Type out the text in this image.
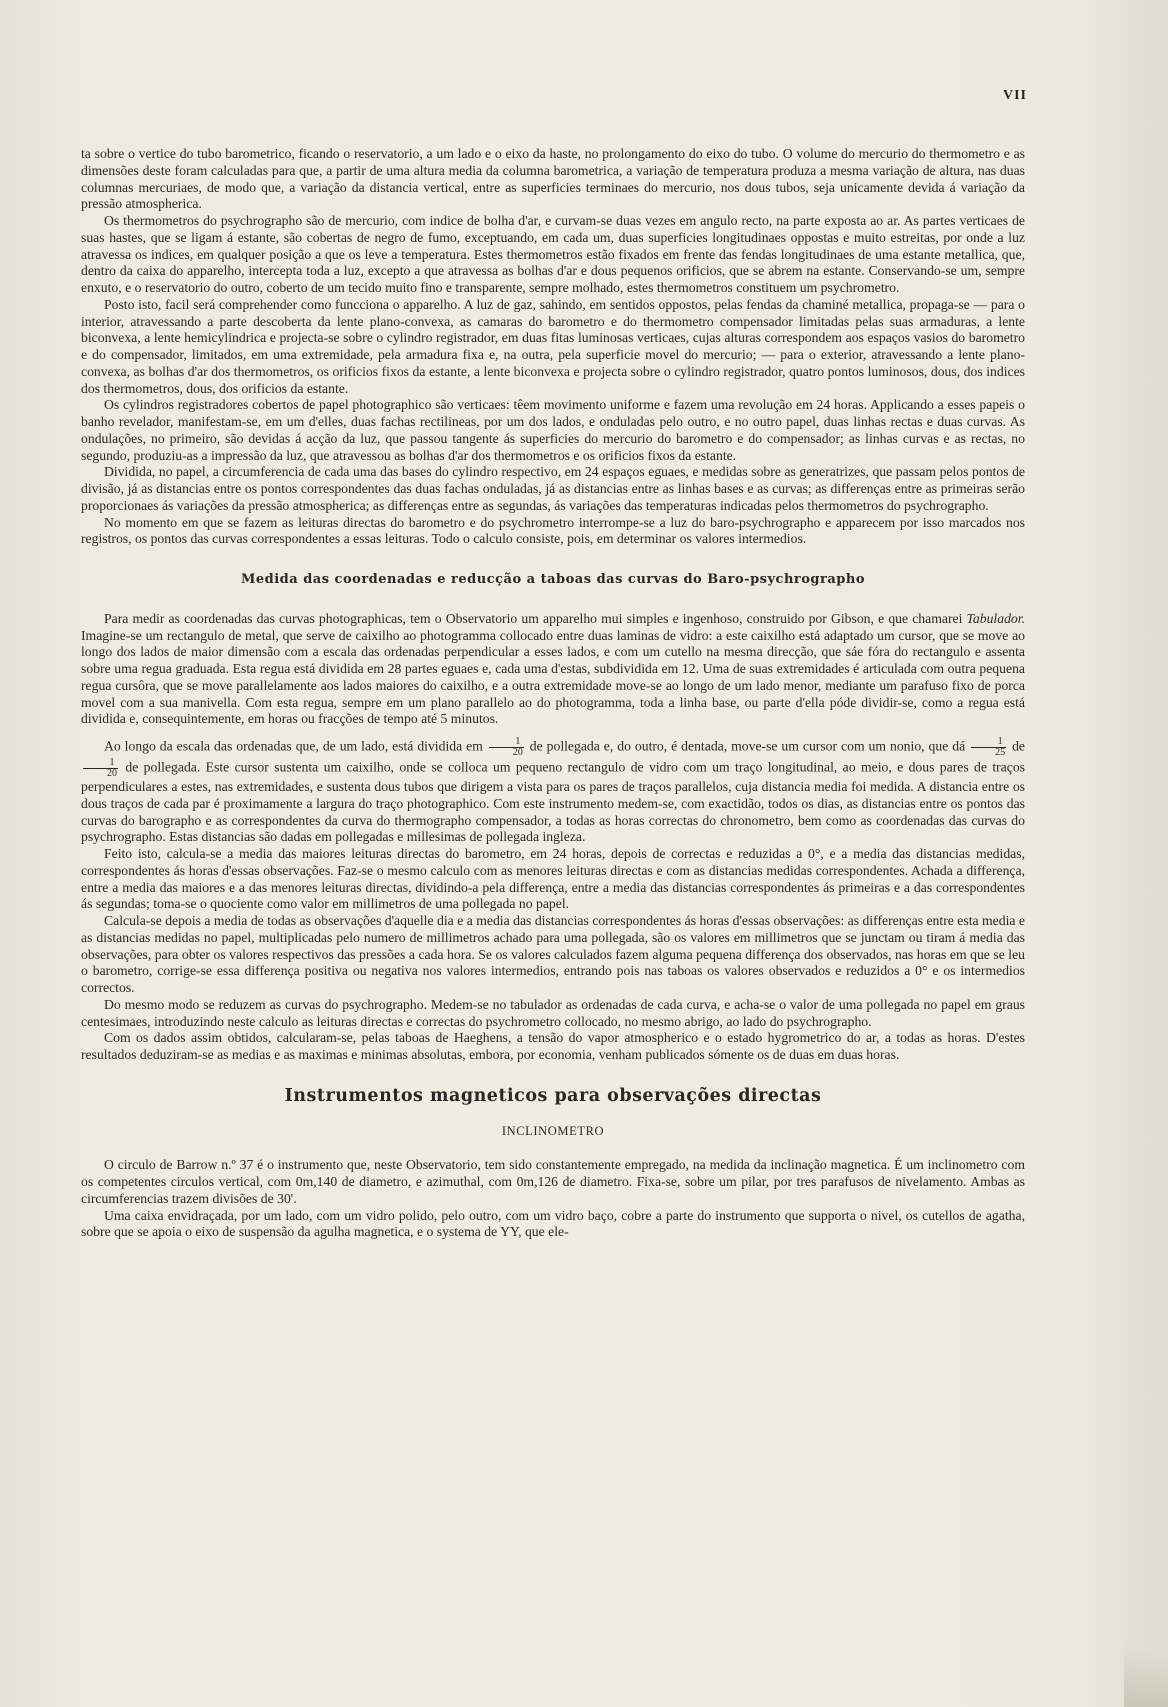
VII

ta sobre o vertice do tubo barometrico, ficando o reservatorio, a um lado e o eixo da haste, no prolongamento do eixo do tubo. O volume do mercurio do thermometro e as dimensões deste foram calculadas para que, a partir de uma altura media da columna barometrica, a variação de temperatura produza a mesma variação de altura, nas duas columnas mercuriaes, de modo que, a variação da distancia vertical, entre as superficies terminaes do mercurio, nos dous tubos, seja unicamente devida á variação da pressão atmospherica.

Os thermometros do psychrographo são de mercurio, com indice de bolha d'ar, e curvam-se duas vezes em angulo recto, na parte exposta ao ar. As partes verticaes de suas hastes, que se ligam á estante, são cobertas de negro de fumo, exceptuando, em cada um, duas superficies longitudinaes oppostas e muito estreitas, por onde a luz atravessa os indices, em qualquer posição a que os leve a temperatura. Estes thermometros estão fixados em frente das fendas longitudinaes de uma estante metallica, que, dentro da caixa do apparelho, intercepta toda a luz, excepto a que atravessa as bolhas d'ar e dous pequenos orificios, que se abrem na estante. Conservando-se um, sempre enxuto, e o reservatorio do outro, coberto de um tecido muito fino e transparente, sempre molhado, estes thermometros constituem um psychrometro.

Posto isto, facil será comprehender como funcciona o apparelho. A luz de gaz, sahindo, em sentidos oppostos, pelas fendas da chaminé metallica, propaga-se — para o interior, atravessando a parte descoberta da lente plano-convexa, as camaras do barometro e do thermometro compensador limitadas pelas suas armaduras, a lente biconvexa, a lente hemicylindrica e projecta-se sobre o cylindro registrador, em duas fitas luminosas verticaes, cujas alturas correspondem aos espaços vasios do barometro e do compensador, limitados, em uma extremidade, pela armadura fixa e, na outra, pela superficie movel do mercurio; — para o exterior, atravessando a lente plano-convexa, as bolhas d'ar dos thermometros, os orificios fixos da estante, a lente biconvexa e projecta sobre o cylindro registrador, quatro pontos luminosos, dous, dos indices dos thermometros, dous, dos orificios da estante.

Os cylindros registradores cobertos de papel photographico são verticaes: têem movimento uniforme e fazem uma revolução em 24 horas. Applicando a esses papeis o banho revelador, manifestam-se, em um d'elles, duas fachas rectilineas, por um dos lados, e onduladas pelo outro, e no outro papel, duas linhas rectas e duas curvas. As ondulações, no primeiro, são devidas á acção da luz, que passou tangente ás superficies do mercurio do barometro e do compensador; as linhas curvas e as rectas, no segundo, produziu-as a impressão da luz, que atravessou as bolhas d'ar dos thermometros e os orificios fixos da estante.

Dividida, no papel, a circumferencia de cada uma das bases do cylindro respectivo, em 24 espaços eguaes, e medidas sobre as generatrizes, que passam pelos pontos de divisão, já as distancias entre os pontos correspondentes das duas fachas onduladas, já as distancias entre as linhas bases e as curvas; as differenças entre as primeiras serão proporcionaes ás variações da pressão atmospherica; as differenças entre as segundas, ás variações das temperaturas indicadas pelos thermometros do psychrographo.

No momento em que se fazem as leituras directas do barometro e do psychrometro interrompe-se a luz do baro-psychrographo e apparecem por isso marcados nos registros, os pontos das curvas correspondentes a essas leituras. Todo o calculo consiste, pois, em determinar os valores intermedios.

Medida das coordenadas e reducção a taboas das curvas do Baro-psychrographo

Para medir as coordenadas das curvas photographicas, tem o Observatorio um apparelho mui simples e ingenhoso, construido por Gibson, e que chamarei Tabulador. Imagine-se um rectangulo de metal, que serve de caixilho ao photogramma collocado entre duas laminas de vidro: a este caixilho está adaptado um cursor, que se move ao longo dos lados de maior dimensão com a escala das ordenadas perpendicular a esses lados, e com um cutello na mesma direcção, que sáe fóra do rectangulo e assenta sobre uma regua graduada. Esta regua está dividida em 28 partes eguaes e, cada uma d'estas, subdividida em 12. Uma de suas extremidades é articulada com outra pequena regua cursôra, que se move parallelamente aos lados maiores do caixilho, e a outra extremidade move-se ao longo de um lado menor, mediante um parafuso fixo de porca movel com a sua manivella. Com esta regua, sempre em um plano parallelo ao do photogramma, toda a linha base, ou parte d'ella póde dividir-se, como a regua está dividida e, consequintemente, em horas ou fracções de tempo até 5 minutos.

Ao longo da escala das ordenadas que, de um lado, está dividida em $\frac{1}{20}$ de pollegada e, do outro, é dentada, move-se um cursor com um nonio, que dá $\frac{1}{25}$ de
$\frac{1}{20}$ de pollegada. Este cursor sustenta um caixilho, onde se colloca um pequeno rectangulo de vidro com um traço longitudinal, ao meio, e dous pares de traços perpendiculares a estes, nas extremidades, e sustenta dous tubos que dirigem a vista para os pares de traços parallelos, cuja distancia media foi medida. A distancia entre os dous traços de cada par é proximamente a largura do traço photographico. Com este instrumento medem-se, com exactidão, todos os dias, as distancias entre os pontos das curvas do barographo e as correspondentes da curva do thermographo compensador, a todas as horas correctas do chronometro, bem como as coordenadas das curvas do psychrographo. Estas distancias são dadas em pollegadas e millesimas de pollegada ingleza.

Feito isto, calcula-se a media das maiores leituras directas do barometro, em 24 horas, depois de correctas e reduzidas a 0°, e a media das distancias medidas, correspondentes ás horas d'essas observações. Faz-se o mesmo calculo com as menores leituras directas e com as distancias medidas correspondentes. Achada a differença, entre a media das maiores e a das menores leituras directas, dividindo-a pela differença, entre a media das distancias correspondentes ás primeiras e a das correspondentes ás segundas; toma-se o quociente como valor em millimetros de uma pollegada no papel.

Calcula-se depois a media de todas as observações d'aquelle dia e a media das distancias correspondentes ás horas d'essas observações: as differenças entre esta media e as distancias medidas no papel, multiplicadas pelo numero de millimetros achado para uma pollegada, são os valores em millimetros que se junctam ou tiram á media das observações, para obter os valores respectivos das pressões a cada hora. Se os valores calculados fazem alguma pequena differença dos observados, nas horas em que se leu o barometro, corrige-se essa differença positiva ou negativa nos valores intermedios, entrando pois nas taboas os valores observados e reduzidos a 0° e os intermedios correctos.

Do mesmo modo se reduzem as curvas do psychrographo. Medem-se no tabulador as ordenadas de cada curva, e acha-se o valor de uma pollegada no papel em graus centesimaes, introduzindo neste calculo as leituras directas e correctas do psychrometro collocado, no mesmo abrigo, ao lado do psychrographo.

Com os dados assim obtidos, calcularam-se, pelas taboas de Haeghens, a tensão do vapor atmospherico e o estado hygrometrico do ar, a todas as horas. D'estes resultados deduziram-se as medias e as maximas e minimas absolutas, embora, por economia, venham publicados sómente os de duas em duas horas.

Instrumentos magneticos para observações directas
INCLINOMETRO

O circulo de Barrow n.º 37 é o instrumento que, neste Observatorio, tem sido constantemente empregado, na medida da inclinação magnetica. É um inclinometro com os competentes circulos vertical, com 0m,140 de diametro, e azimuthal, com 0m,126 de diametro. Fixa-se, sobre um pilar, por tres parafusos de nivelamento. Ambas as circumferencias trazem divisões de 30'.

Uma caixa envidraçada, por um lado, com um vidro polido, pelo outro, com um vidro baço, cobre a parte do instrumento que supporta o nivel, os cutellos de agatha, sobre que se apoia o eixo de suspensão da agulha magnetica, e o systema de YY, que ele-
